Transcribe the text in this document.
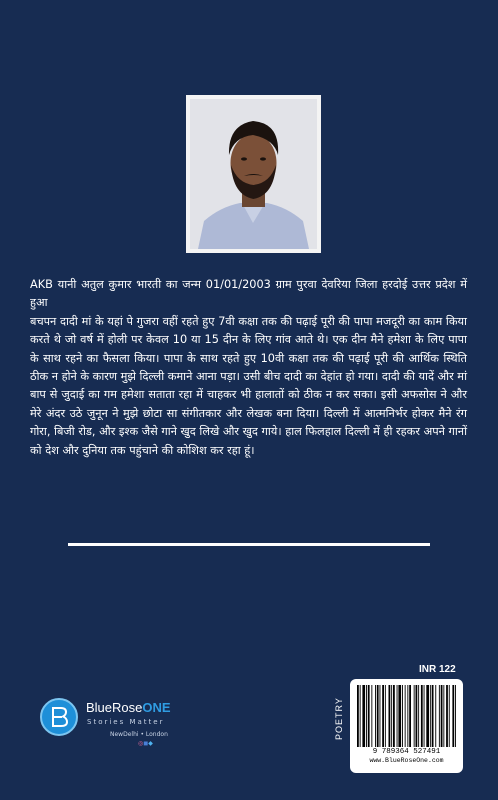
AKB यानी अतुल कुमार भारती का जन्म 01/01/2003 ग्राम पुरवा देवरिया जिला हरदोई उत्तर प्रदेश में हुआ

बचपन दादी मां के यहां पे गुजरा वहीं रहते हुए 7वी कक्षा तक की पढ़ाई पूरी की पापा मजदूरी का काम किया करते थे जो वर्ष में होली पर केवल 10 या 15 दीन के लिए गांव आते थे। एक दीन मैने हमेशा के लिए पापा के साथ रहने का फैसला किया। पापा के साथ रहते हुए 10वी कक्षा तक की पढ़ाई पूरी की आर्थिक स्थिति ठीक न होने के कारण मुझे दिल्ली कमाने आना पड़ा। उसी बीच दादी का देहांत हो गया। दादी की यादें और मां बाप से जुदाई का गम हमेशा सताता रहा में चाहकर भी हालातों को ठीक न कर सका। इसी अफसोस ने और मेरे अंदर उठे जुनून ने मुझे छोटा सा संगीतकार और लेखक बना दिया। दिल्ली में आत्मनिर्भर होकर मैने रंग गोरा, बिजी रोड, और इश्क जैसे गाने खुद लिखे और खुद गाये। हाल फिलहाल दिल्ली में ही रहकर अपने गानों को देश और दुनिया तक पहुंचाने की कोशिश कर रहा हूं।

BlueRoseONE
Stories Matter
NewDelhi • London
◎◼◆
INR 122
POETRY
9 789364 527491
www.BlueRoseOne.com
